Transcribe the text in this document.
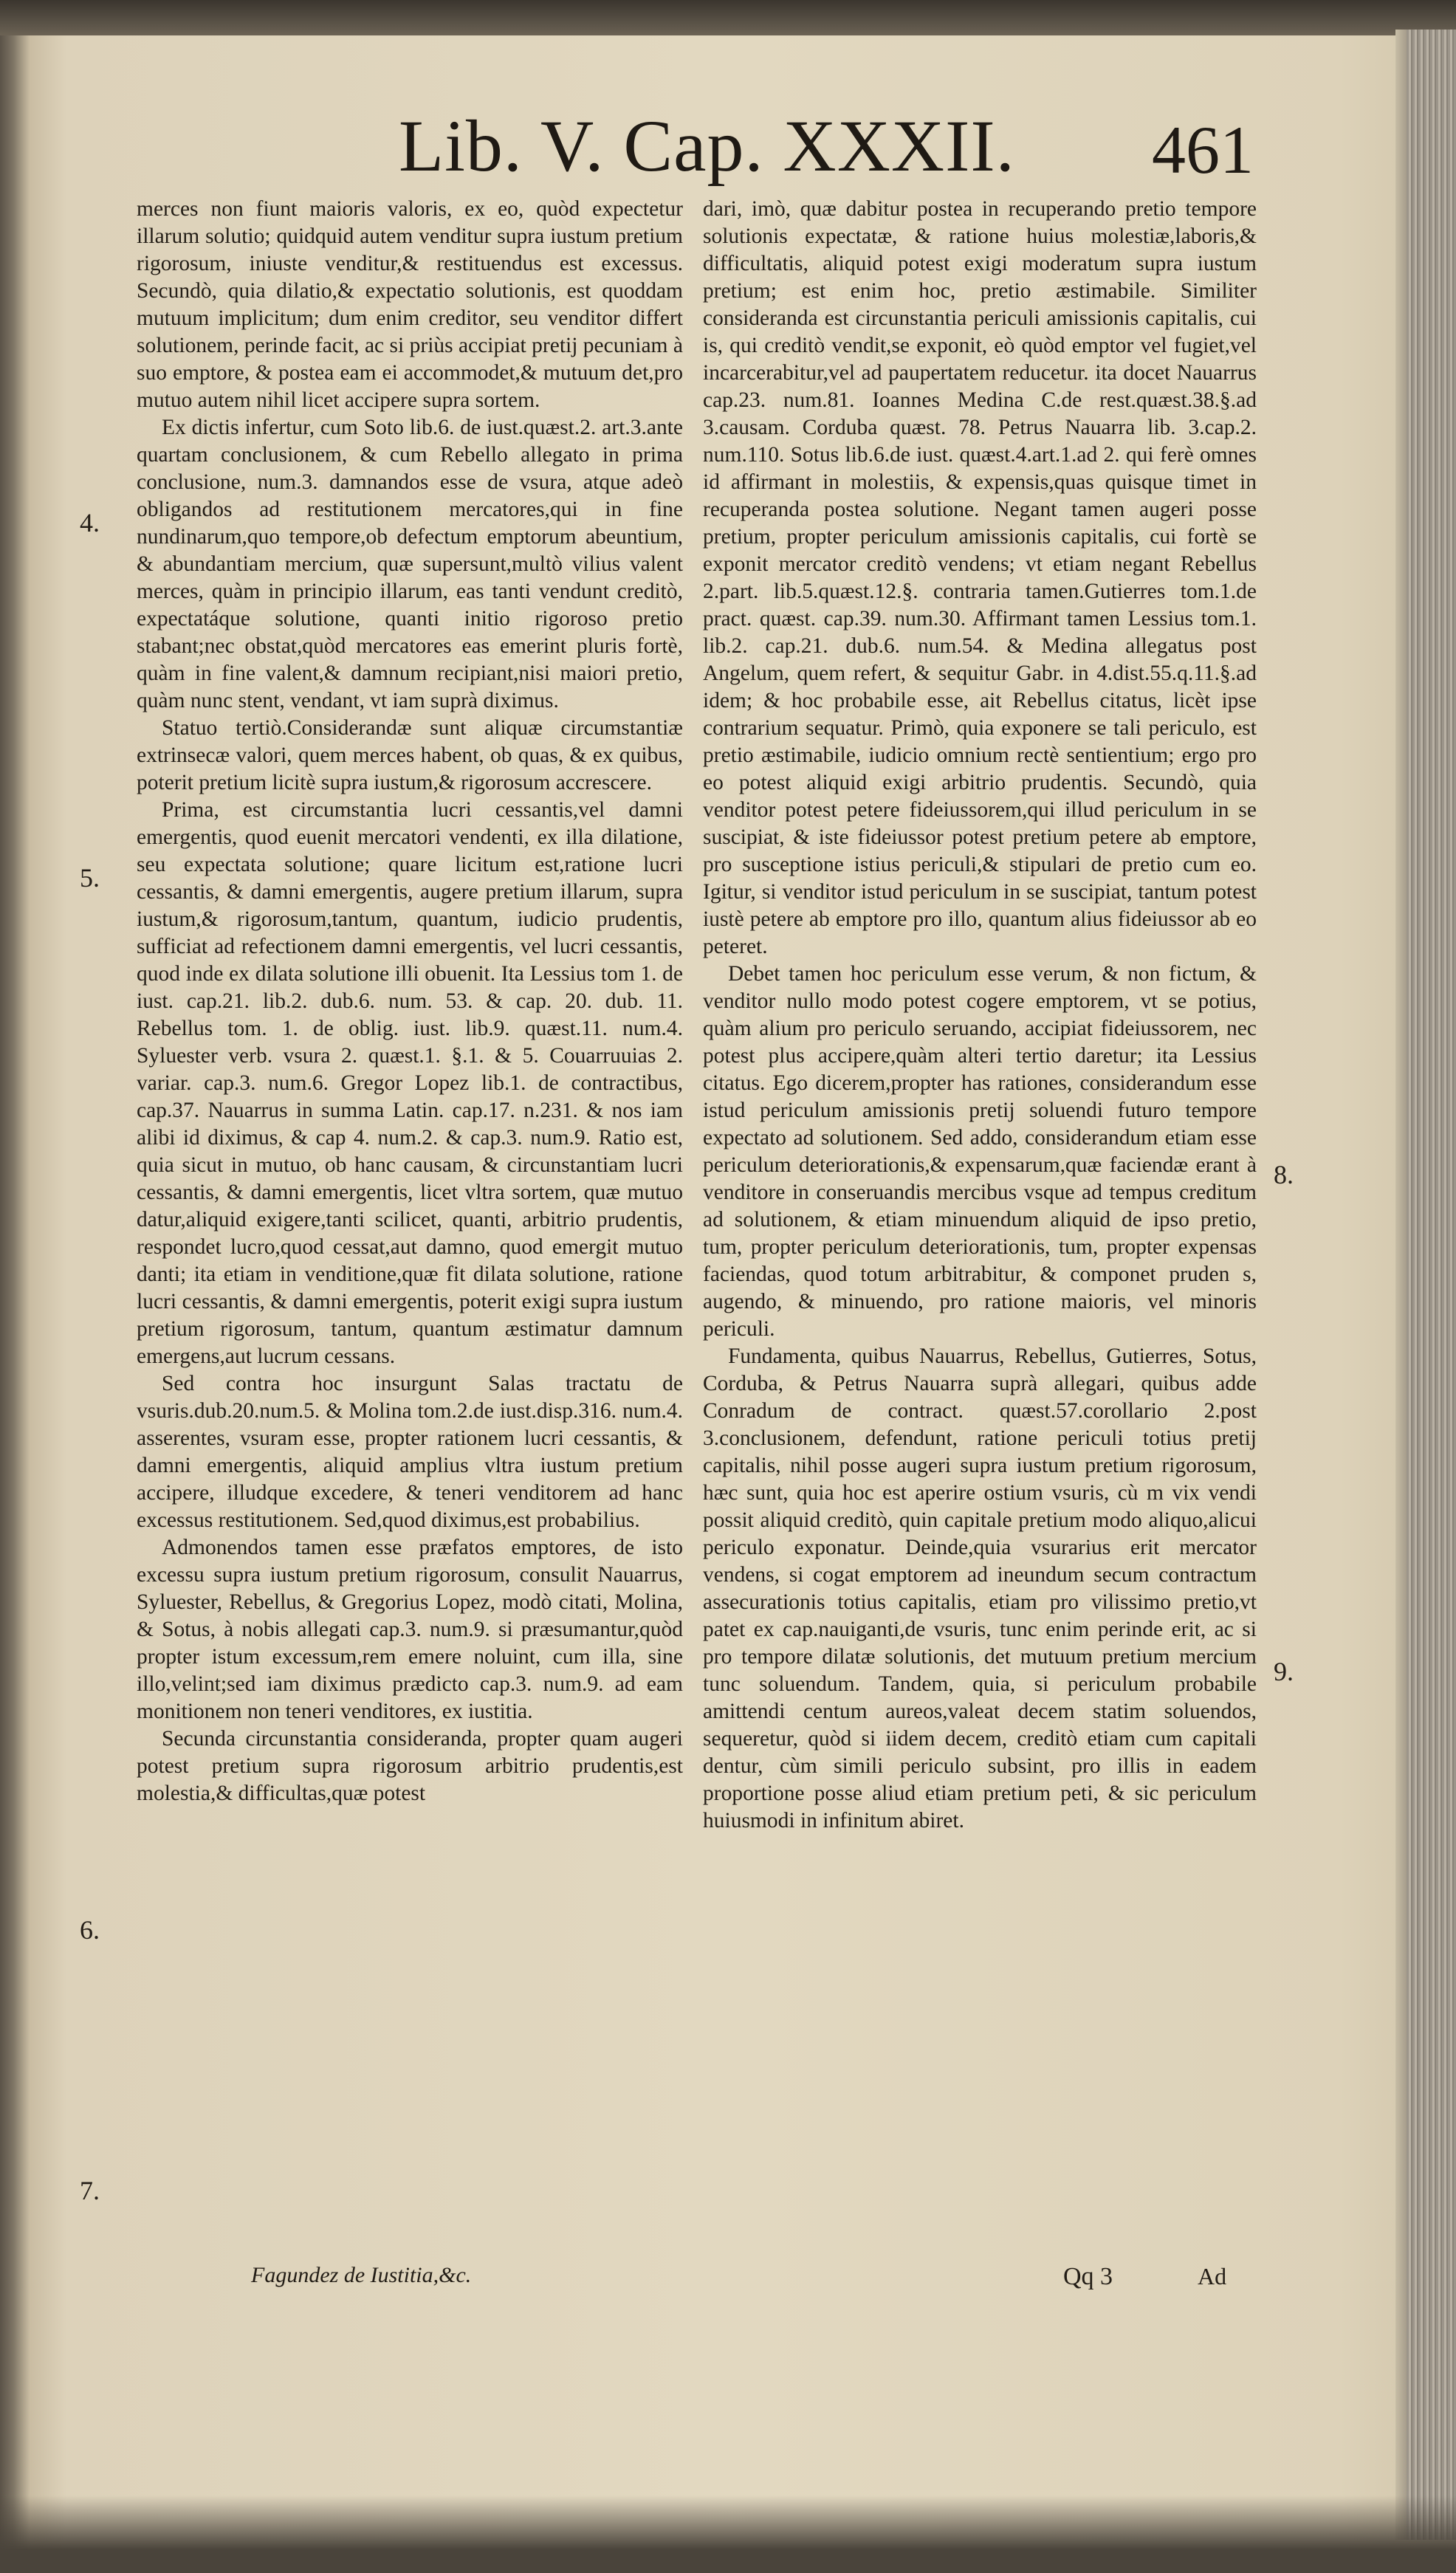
Lib. V. Cap. XXXII. 461
4.
5.
6.
7.
8.
9.

merces non fiunt maioris valoris, ex eo, quòd expectetur illarum solutio; quidquid autem venditur supra iustum pretium rigorosum, iniuste venditur,& restituendus est excessus. Secundò, quia dilatio,& expectatio solutionis, est quoddam mutuum implicitum; dum enim creditor, seu venditor differt solutionem, perinde facit, ac si priùs accipiat pretij pecuniam à suo emptore, & postea eam ei accommodet,& mutuum det,pro mutuo autem nihil licet accipere supra sortem.

Ex dictis infertur, cum Soto lib.6. de iust.quæst.2. art.3.ante quartam conclusionem, & cum Rebello allegato in prima conclusione, num.3. damnandos esse de vsura, atque adeò obligandos ad restitutionem mercatores,qui in fine nundinarum,quo tempore,ob defectum emptorum abeuntium, & abundantiam mercium, quæ supersunt,multò vilius valent merces, quàm in principio illarum, eas tanti vendunt creditò, expectatáque solutione, quanti initio rigoroso pretio stabant;nec obstat,quòd mercatores eas emerint pluris fortè, quàm in fine valent,& damnum recipiant,nisi maiori pretio, quàm nunc stent, vendant, vt iam suprà diximus.

Statuo tertiò.Considerandæ sunt aliquæ circumstantiæ extrinsecæ valori, quem merces habent, ob quas, & ex quibus, poterit pretium licitè supra iustum,& rigorosum accrescere.

Prima, est circumstantia lucri cessantis,vel damni emergentis, quod euenit mercatori vendenti, ex illa dilatione, seu expectata solutione; quare licitum est,ratione lucri cessantis, & damni emergentis, augere pretium illarum, supra iustum,& rigorosum,tantum, quantum, iudicio prudentis, sufficiat ad refectionem damni emergentis, vel lucri cessantis, quod inde ex dilata solutione illi obuenit. Ita Lessius tom 1. de iust. cap.21. lib.2. dub.6. num. 53. & cap. 20. dub. 11. Rebellus tom. 1. de oblig. iust. lib.9. quæst.11. num.4. Syluester verb. vsura 2. quæst.1. §.1. & 5. Couarruuias 2. variar. cap.3. num.6. Gregor Lopez lib.1. de contractibus, cap.37. Nauarrus in summa Latin. cap.17. n.231. & nos iam alibi id diximus, & cap 4. num.2. & cap.3. num.9. Ratio est, quia sicut in mutuo, ob hanc causam, & circunstantiam lucri cessantis, & damni emergentis, licet vltra sortem, quæ mutuo datur,aliquid exigere,tanti scilicet, quanti, arbitrio prudentis, respondet lucro,quod cessat,aut damno, quod emergit mutuo danti; ita etiam in venditione,quæ fit dilata solutione, ratione lucri cessantis, & damni emergentis, poterit exigi supra iustum pretium rigorosum, tantum, quantum æstimatur damnum emergens,aut lucrum cessans.

Sed contra hoc insurgunt Salas tractatu de vsuris.dub.20.num.5. & Molina tom.2.de iust.disp.316. num.4. asserentes, vsuram esse, propter rationem lucri cessantis, & damni emergentis, aliquid amplius vltra iustum pretium accipere, illudque excedere, & teneri venditorem ad hanc excessus restitutionem. Sed,quod diximus,est probabilius.

Admonendos tamen esse præfatos emptores, de isto excessu supra iustum pretium rigorosum, consulit Nauarrus, Syluester, Rebellus, & Gregorius Lopez, modò citati, Molina, & Sotus, à nobis allegati cap.3. num.9. si præsumantur,quòd propter istum excessum,rem emere noluint, cum illa, sine illo,velint;sed iam diximus prædicto cap.3. num.9. ad eam monitionem non teneri venditores, ex iustitia.

Secunda circunstantia consideranda, propter quam augeri potest pretium supra rigorosum arbitrio prudentis,est molestia,& difficultas,quæ potest

dari, imò, quæ dabitur postea in recuperando pretio tempore solutionis expectatæ, & ratione huius molestiæ,laboris,& difficultatis, aliquid potest exigi moderatum supra iustum pretium; est enim hoc, pretio æstimabile. Similiter consideranda est circunstantia periculi amissionis capitalis, cui is, qui creditò vendit,se exponit, eò quòd emptor vel fugiet,vel incarcerabitur,vel ad paupertatem reducetur. ita docet Nauarrus cap.23. num.81. Ioannes Medina C.de rest.quæst.38.§.ad 3.causam. Corduba quæst. 78. Petrus Nauarra lib. 3.cap.2. num.110. Sotus lib.6.de iust. quæst.4.art.1.ad 2. qui ferè omnes id affirmant in molestiis, & expensis,quas quisque timet in recuperanda postea solutione. Negant tamen augeri posse pretium, propter periculum amissionis capitalis, cui fortè se exponit mercator creditò vendens; vt etiam negant Rebellus 2.part. lib.5.quæst.12.§. contraria tamen.Gutierres tom.1.de pract. quæst. cap.39. num.30. Affirmant tamen Lessius tom.1. lib.2. cap.21. dub.6. num.54. & Medina allegatus post Angelum, quem refert, & sequitur Gabr. in 4.dist.55.q.11.§.ad idem; & hoc probabile esse, ait Rebellus citatus, licèt ipse contrarium sequatur. Primò, quia exponere se tali periculo, est pretio æstimabile, iudicio omnium rectè sentientium; ergo pro eo potest aliquid exigi arbitrio prudentis. Secundò, quia venditor potest petere fideiussorem,qui illud periculum in se suscipiat, & iste fideiussor potest pretium petere ab emptore, pro susceptione istius periculi,& stipulari de pretio cum eo. Igitur, si venditor istud periculum in se suscipiat, tantum potest iustè petere ab emptore pro illo, quantum alius fideiussor ab eo peteret.

Debet tamen hoc periculum esse verum, & non fictum, & venditor nullo modo potest cogere emptorem, vt se potius, quàm alium pro periculo seruando, accipiat fideiussorem, nec potest plus accipere,quàm alteri tertio daretur; ita Lessius citatus. Ego dicerem,propter has rationes, considerandum esse istud periculum amissionis pretij soluendi futuro tempore expectato ad solutionem. Sed addo, considerandum etiam esse periculum deteriorationis,& expensarum,quæ faciendæ erant à venditore in conseruandis mercibus vsque ad tempus creditum ad solutionem, & etiam minuendum aliquid de ipso pretio, tum, propter periculum deteriorationis, tum, propter expensas faciendas, quod totum arbitrabitur, & componet pruden s, augendo, & minuendo, pro ratione maioris, vel minoris periculi.

Fundamenta, quibus Nauarrus, Rebellus, Gutierres, Sotus, Corduba, & Petrus Nauarra suprà allegari, quibus adde Conradum de contract. quæst.57.corollario 2.post 3.conclusionem, defendunt, ratione periculi totius pretij capitalis, nihil posse augeri supra iustum pretium rigorosum, hæc sunt, quia hoc est aperire ostium vsuris, cù m vix vendi possit aliquid creditò, quin capitale pretium modo aliquo,alicui periculo exponatur. Deinde,quia vsurarius erit mercator vendens, si cogat emptorem ad ineundum secum contractum assecurationis totius capitalis, etiam pro vilissimo pretio,vt patet ex cap.nauiganti,de vsuris, tunc enim perinde erit, ac si pro tempore dilatæ solutionis, det mutuum pretium mercium tunc soluendum. Tandem, quia, si periculum probabile amittendi centum aureos,valeat decem statim soluendos, sequeretur, quòd si iidem decem, creditò etiam cum capitali dentur, cùm simili periculo subsint, pro illis in eadem proportione posse aliud etiam pretium peti, & sic periculum huiusmodi in infinitum abiret.

Fagundez de Iustitia,&c.	Qq 3	Ad
